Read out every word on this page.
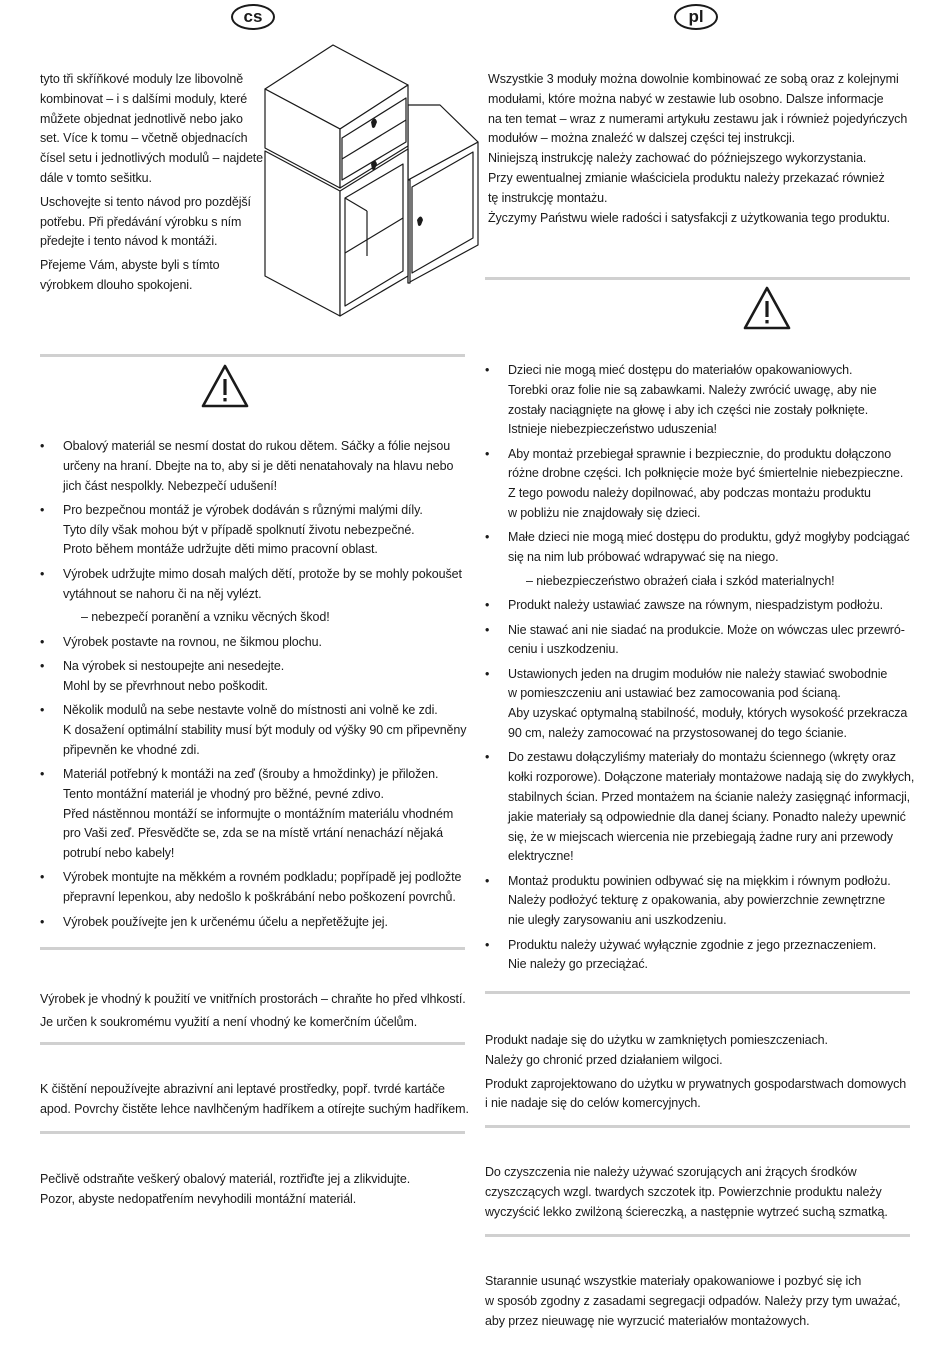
cs	pl

tyto tři skříňkové moduly lze libovolně
kombinovat – i s dalšími moduly, které
můžete objednat jednotlivě nebo jako
set. Více k tomu – včetně objednacích
čísel setu i jednotlivých modulů – najdete
dále v tomto sešitku.

Uschovejte si tento návod pro pozdější
potřebu. Při předávání výrobku s ním
předejte i tento návod k montáži.

Přejeme Vám, abyste byli s tímto
výrobkem dlouho spokojeni.

Wszystkie 3 moduły można dowolnie kombinować ze sobą oraz z kolejnymi
modułami, które można nabyć w zestawie lub osobno. Dalsze informacje
na ten temat – wraz z numerami artykułu zestawu jak i również pojedyńczych
modułów – można znaleźć w dalszej części tej instrukcji.
Niniejszą instrukcję należy zachować do późniejszego wykorzystania.
Przy ewentualnej zmianie właściciela produktu należy przekazać również
tę instrukcję montażu.
Życzymy Państwu wiele radości i satysfakcji z użytkowania tego produktu.
• Obalový materiál se nesmí dostat do rukou dětem. Sáčky a fólie nejsou
určeny na hraní. Dbejte na to, aby si je děti nenatahovaly na hlavu nebo
jich část nespolkly. Nebezpečí udušení!
• Pro bezpečnou montáž je výrobek dodáván s různými malými díly.
Tyto díly však mohou být v případě spolknutí životu nebezpečné.
Proto během montáže udržujte děti mimo pracovní oblast.
• Výrobek udržujte mimo dosah malých dětí, protože by se mohly pokoušet
vytáhnout se nahoru či na něj vylézt.
– nebezpečí poranění a vzniku věcných škod!
• Výrobek postavte na rovnou, ne šikmou plochu.
• Na výrobek si nestoupejte ani nesedejte.
Mohl by se převrhnout nebo poškodit.
• Několik modulů na sebe nestavte volně do místnosti ani volně ke zdi.
K dosažení optimální stability musí být moduly od výšky 90 cm připevněny
připevněn ke vhodné zdi.
• Materiál potřebný k montáži na zeď (šrouby a hmoždinky) je přiložen.
Tento montážní materiál je vhodný pro běžné, pevné zdivo.
Před nástěnnou montáží se informujte o montážním materiálu vhodném
pro Vaši zeď. Přesvědčte se, zda se na místě vrtání nenachází nějaká
potrubí nebo kabely!
• Výrobek montujte na měkkém a rovném podkladu; popřípadě jej podložte
přepravní lepenkou, aby nedošlo k poškrábání nebo poškození povrchů.
• Výrobek používejte jen k určenému účelu a nepřetěžujte jej.
• Dzieci nie mogą mieć dostępu do materiałów opakowaniowych.
Torebki oraz folie nie są zabawkami. Należy zwrócić uwagę, aby nie
zostały naciągnięte na głowę i aby ich części nie zostały połknięte.
Istnieje niebezpieczeństwo uduszenia!
• Aby montaż przebiegał sprawnie i bezpiecznie, do produktu dołączono
różne drobne części. Ich połknięcie może być śmiertelnie niebezpieczne.
Z tego powodu należy dopilnować, aby podczas montażu produktu
w pobliżu nie znajdowały się dzieci.
• Małe dzieci nie mogą mieć dostępu do produktu, gdyż mogłyby podciągać
się na nim lub próbować wdrapywać się na niego.
– niebezpieczeństwo obrażeń ciała i szkód materialnych!
• Produkt należy ustawiać zawsze na równym, niespadzistym podłożu.
• Nie stawać ani nie siadać na produkcie. Może on wówczas ulec przewró-
ceniu i uszkodzeniu.
• Ustawionych jeden na drugim modułów nie należy stawiać swobodnie
w pomieszczeniu ani ustawiać bez zamocowania pod ścianą.
Aby uzyskać optymalną stabilność, moduły, których wysokość przekracza
90 cm, należy zamocować na przystosowanej do tego ścianie.
• Do zestawu dołączyliśmy materiały do montażu ściennego (wkręty oraz
kołki rozporowe). Dołączone materiały montażowe nadają się do zwykłych,
stabilnych ścian. Przed montażem na ścianie należy zasięgnąć informacji,
jakie materiały są odpowiednie dla danej ściany. Ponadto należy upewnić
się, że w miejscach wiercenia nie przebiegają żadne rury ani przewody
elektryczne!
• Montaż produktu powinien odbywać się na miękkim i równym podłożu.
Należy podłożyć tekturę z opakowania, aby powierzchnie zewnętrzne
nie uległy zarysowaniu ani uszkodzeniu.
• Produktu należy używać wyłącznie zgodnie z jego przeznaczeniem.
Nie należy go przeciążać.
Výrobek je vhodný k použití ve vnitřních prostorách – chraňte ho před vlhkostí.
Je určen k soukromému využití a není vhodný ke komerčním účelům.
K čištění nepoužívejte abrazivní ani leptavé prostředky, popř. tvrdé kartáče
apod. Povrchy čistěte lehce navlhčeným hadříkem a otírejte suchým hadříkem.
Pečlivě odstraňte veškerý obalový materiál, roztřiďte jej a zlikvidujte.
Pozor, abyste nedopatřením nevyhodili montážní materiál.

Produkt nadaje się do użytku w zamkniętych pomieszczeniach.
Należy go chronić przed działaniem wilgoci.

Produkt zaprojektowano do użytku w prywatnych gospodarstwach domowych
i nie nadaje się do celów komercyjnych.

Do czyszczenia nie należy używać szorujących ani żrących środków
czyszczących wzgl. twardych szczotek itp. Powierzchnie produktu należy
wyczyścić lekko zwilżoną ściereczką, a następnie wytrzeć suchą szmatką.
Starannie usunąć wszystkie materiały opakowaniowe i pozbyć się ich
w sposób zgodny z zasadami segregacji odpadów. Należy przy tym uważać,
aby przez nieuwagę nie wyrzucić materiałów montażowych.
